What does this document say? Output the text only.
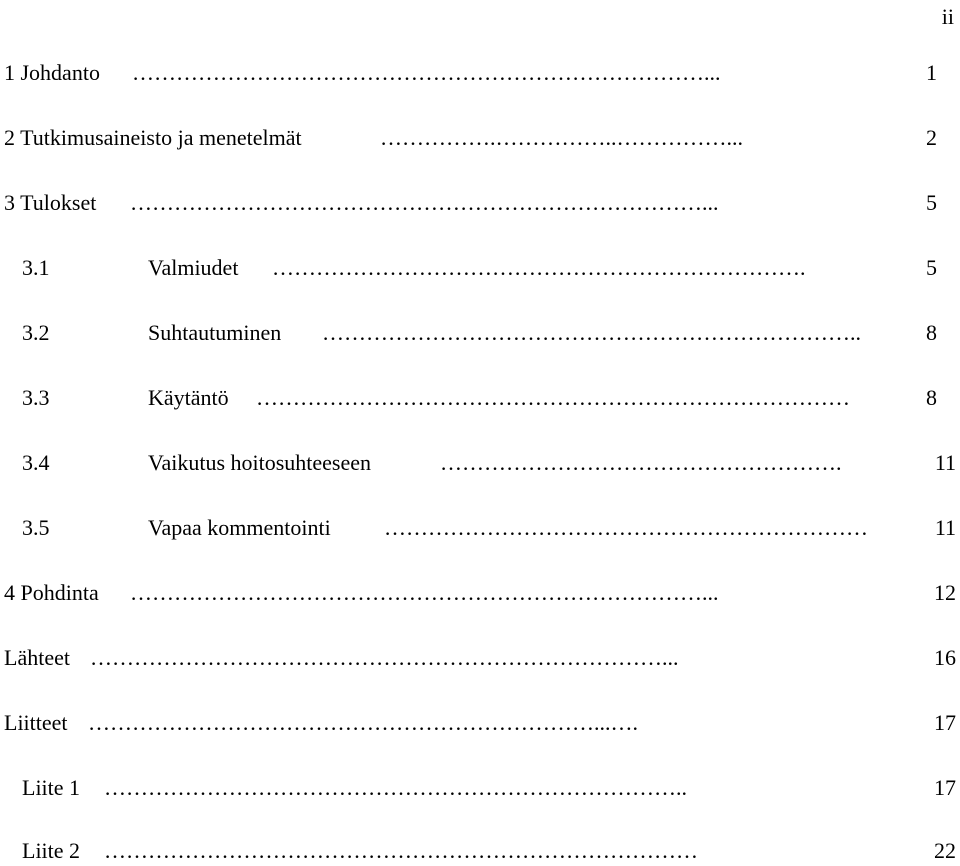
ii
1 Johdanto ……………………………………………………………………...	1
2 Tutkimusaineisto ja menetelmät	…………….……………..……………...	2
3 Tulokset ……………………………………………………………………...	5
3.1	Valmiudet ……………………………………………………………….	5
3.2	Suhtautuminen ………………………………………………………………..	8
3.3	Käytäntö ………………………………………………………………………	8
3.4	Vaikutus hoitosuhteeseen	……………………………………………….	11
3.5	Vapaa kommentointi …………………………………………………………	11
4 Pohdinta ……………………………………………………………………...	12
Lähteet ……………………………………………………………………...	16
Liitteet ……………………………………………………………...….	17
Liite 1 ……………………………………………………………………..	17
Liite 2 ………………………………………………………………………	22
